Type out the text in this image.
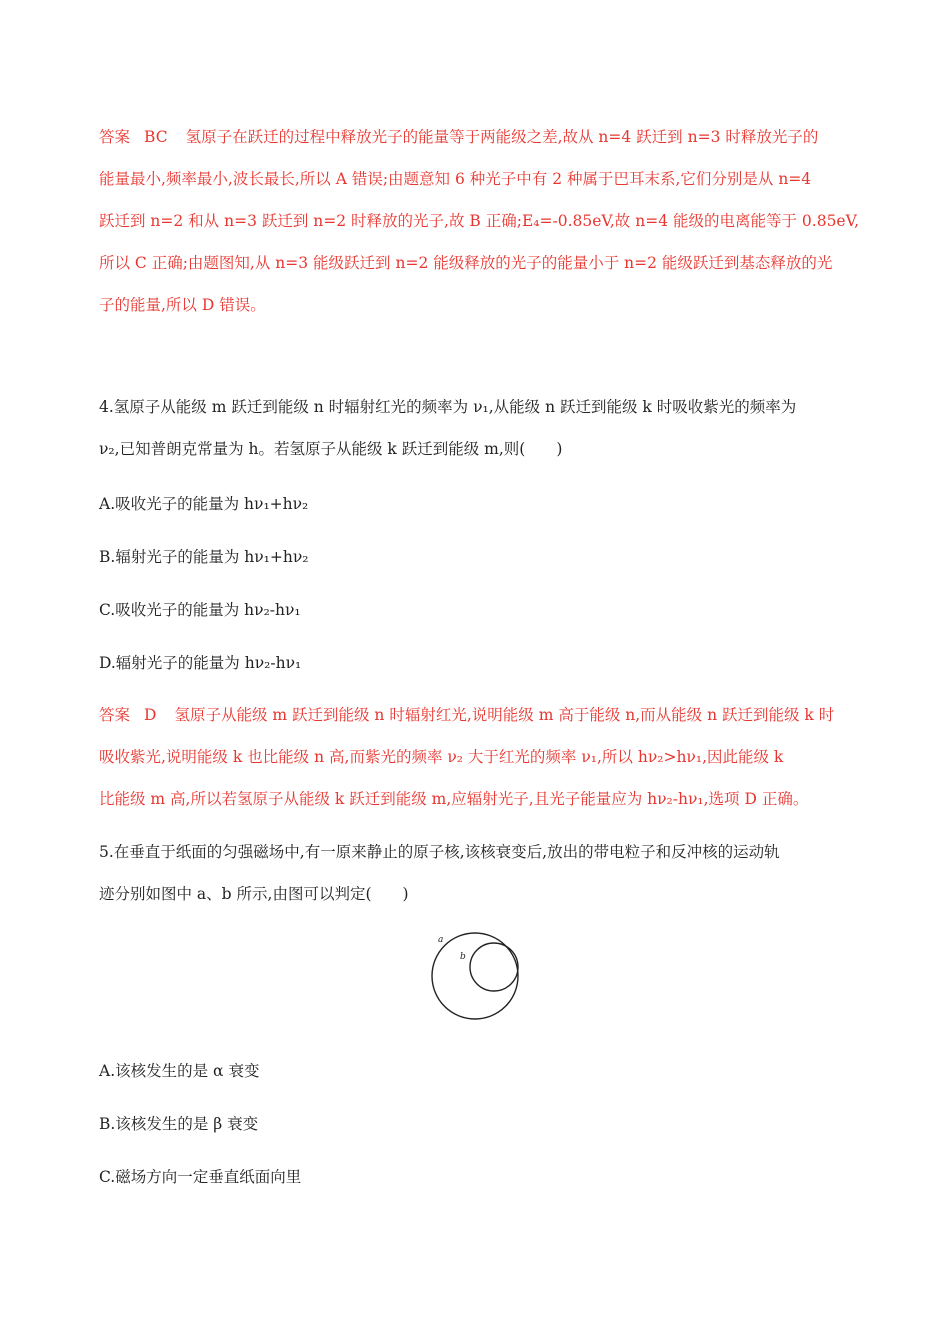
答案 BC 氢原子在跃迁的过程中释放光子的能量等于两能级之差,故从 n=4 跃迁到 n=3 时释放光子的
能量最小,频率最小,波长最长,所以 A 错误;由题意知 6 种光子中有 2 种属于巴耳末系,它们分别是从 n=4
跃迁到 n=2 和从 n=3 跃迁到 n=2 时释放的光子,故 B 正确;E₄=-0.85eV,故 n=4 能级的电离能等于 0.85eV,
所以 C 正确;由题图知,从 n=3 能级跃迁到 n=2 能级释放的光子的能量小于 n=2 能级跃迁到基态释放的光
子的能量,所以 D 错误。
4.氢原子从能级 m 跃迁到能级 n 时辐射红光的频率为 ν₁,从能级 n 跃迁到能级 k 时吸收紫光的频率为
ν₂,已知普朗克常量为 h。若氢原子从能级 k 跃迁到能级 m,则(　　)
A.吸收光子的能量为 hν₁+hν₂
B.辐射光子的能量为 hν₁+hν₂
C.吸收光子的能量为 hν₂-hν₁
D.辐射光子的能量为 hν₂-hν₁
答案 D 氢原子从能级 m 跃迁到能级 n 时辐射红光,说明能级 m 高于能级 n,而从能级 n 跃迁到能级 k 时
吸收紫光,说明能级 k 也比能级 n 高,而紫光的频率 ν₂ 大于红光的频率 ν₁,所以 hν₂>hν₁,因此能级 k
比能级 m 高,所以若氢原子从能级 k 跃迁到能级 m,应辐射光子,且光子能量应为 hν₂-hν₁,选项 D 正确。
5.在垂直于纸面的匀强磁场中,有一原来静止的原子核,该核衰变后,放出的带电粒子和反冲核的运动轨
迹分别如图中 a、b 所示,由图可以判定(　　)
a
b
A.该核发生的是 α 衰变
B.该核发生的是 β 衰变
C.磁场方向一定垂直纸面向里
